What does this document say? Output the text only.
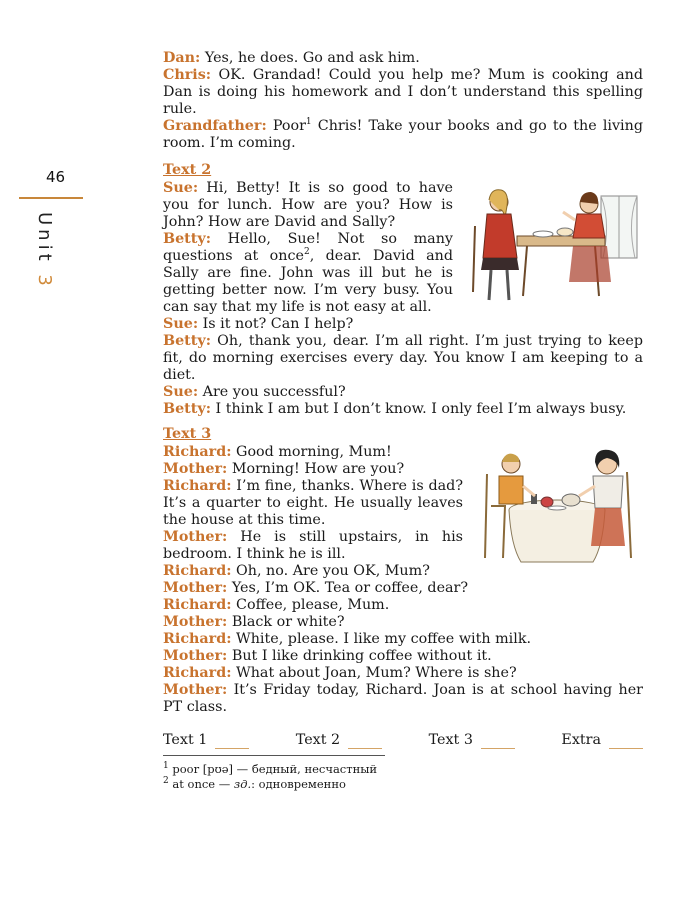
46
Unit 3

Dan: Yes, he does. Go and ask him.

Chris: OK. Grandad! Could you help me? Mum is cooking and Dan is doing his homework and I don’t understand this spelling rule.

Grandfather: Poor$^1$ Chris! Take your books and go to the living room. I’m coming.

Text 2

Sue: Hi, Betty! It is so good to have you for lunch. How are you? How is John? How are David and Sally?

Betty: Hello, Sue! Not so many questions at once$^2$, dear. David and Sally are fine. John was ill but he is getting better now. I’m very busy. You can say that my life is not easy at all.

Sue: Is it not? Can I help?

Betty: Oh, thank you, dear. I’m all right. I’m just trying to keep fit, do morning exercises every day. You know I am keeping to a diet.

Sue: Are you successful?

Betty: I think I am but I don’t know. I only feel I’m always busy.

Text 3

Richard: Good morning, Mum!

Mother: Morning! How are you?

Richard: I’m fine, thanks. Where is dad? It’s a quarter to eight. He usually leaves the house at this time.

Mother: He is still upstairs, in his bedroom. I think he is ill.

Richard: Oh, no. Are you OK, Mum?

Mother: Yes, I’m OK. Tea or coffee, dear?

Richard: Coffee, please, Mum.

Mother: Black or white?

Richard: White, please. I like my coffee with milk.

Mother: But I like drinking coffee without it.

Richard: What about Joan, Mum? Where is she?

Mother: It’s Friday today, Richard. Joan is at school having her PT class.

Text 1	Text 2	Text 3	Extra
$^1$ poor [pʊə] — бедный, несчастный
$^2$ at once — зд.: одновременно
